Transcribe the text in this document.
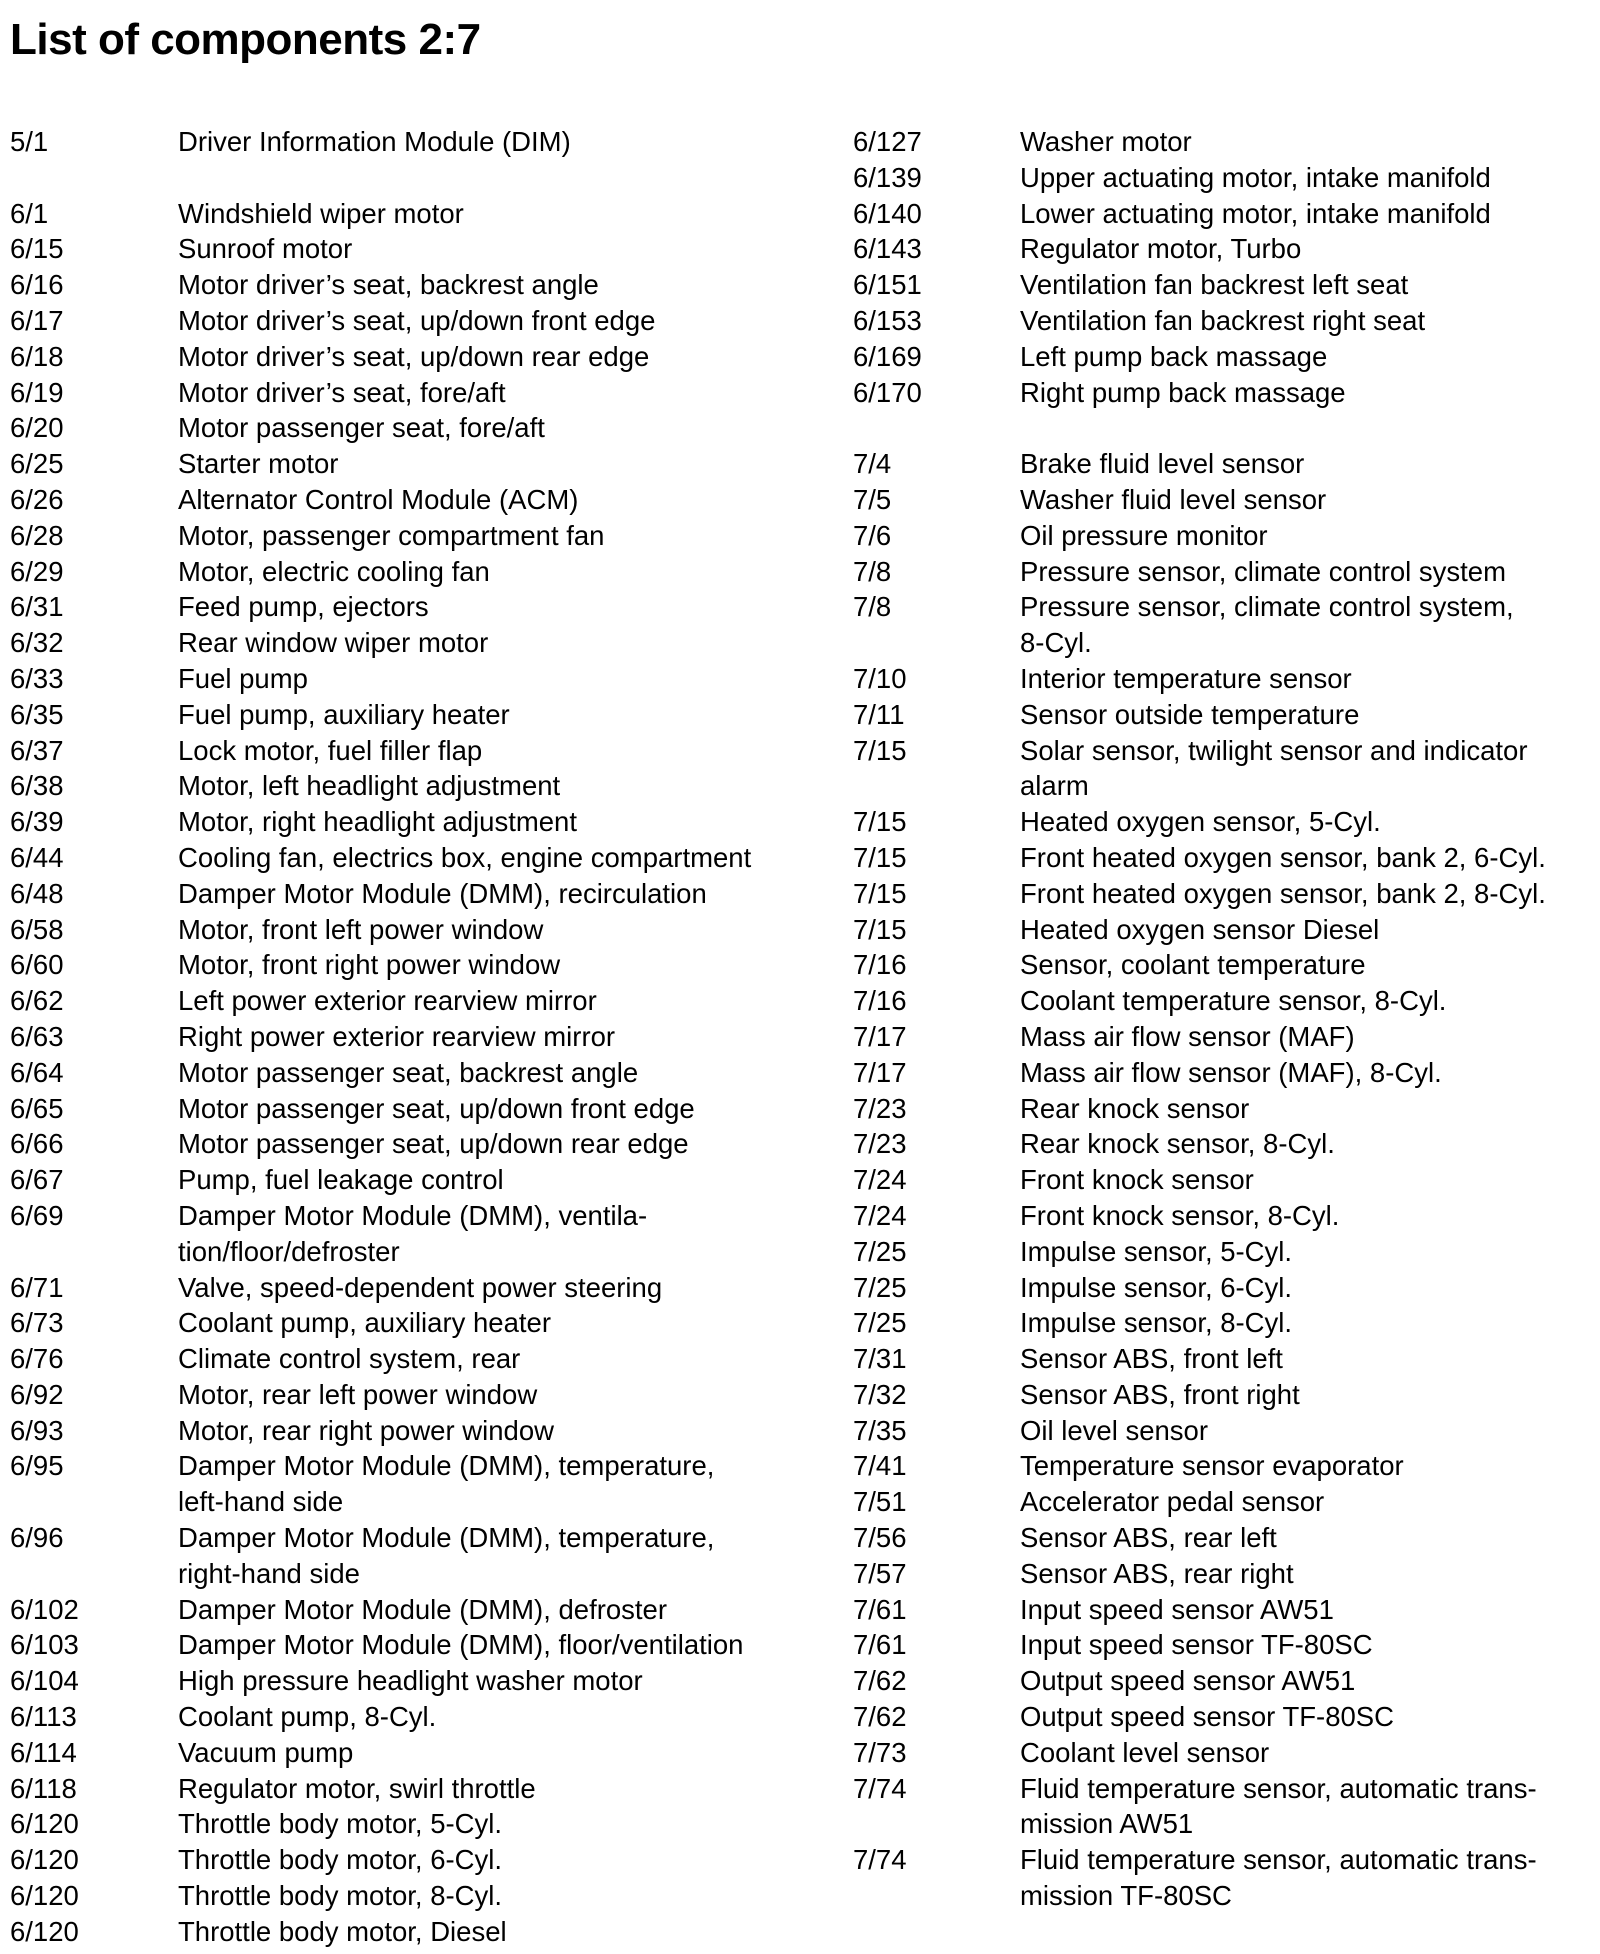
List of components 2:7
5/1	Driver Information Module (DIM)
6/1	Windshield wiper motor
6/15	Sunroof motor
6/16	Motor driver’s seat, backrest angle
6/17	Motor driver’s seat, up/down front edge
6/18	Motor driver’s seat, up/down rear edge
6/19	Motor driver’s seat, fore/aft
6/20	Motor passenger seat, fore/aft
6/25	Starter motor
6/26	Alternator Control Module (ACM)
6/28	Motor, passenger compartment fan
6/29	Motor, electric cooling fan
6/31	Feed pump, ejectors
6/32	Rear window wiper motor
6/33	Fuel pump
6/35	Fuel pump, auxiliary heater
6/37	Lock motor, fuel filler flap
6/38	Motor, left headlight adjustment
6/39	Motor, right headlight adjustment
6/44	Cooling fan, electrics box, engine compartment
6/48	Damper Motor Module (DMM), recirculation
6/58	Motor, front left power window
6/60	Motor, front right power window
6/62	Left power exterior rearview mirror
6/63	Right power exterior rearview mirror
6/64	Motor passenger seat, backrest angle
6/65	Motor passenger seat, up/down front edge
6/66	Motor passenger seat, up/down rear edge
6/67	Pump, fuel leakage control
6/69	Damper Motor Module (DMM), ventila-
tion/floor/defroster
6/71	Valve, speed-dependent power steering
6/73	Coolant pump, auxiliary heater
6/76	Climate control system, rear
6/92	Motor, rear left power window
6/93	Motor, rear right power window
6/95	Damper Motor Module (DMM), temperature,
left-hand side
6/96	Damper Motor Module (DMM), temperature,
right-hand side
6/102	Damper Motor Module (DMM), defroster
6/103	Damper Motor Module (DMM), floor/ventilation
6/104	High pressure headlight washer motor
6/113	Coolant pump, 8-Cyl.
6/114	Vacuum pump
6/118	Regulator motor, swirl throttle
6/120	Throttle body motor, 5-Cyl.
6/120	Throttle body motor, 6-Cyl.
6/120	Throttle body motor, 8-Cyl.
6/120	Throttle body motor, Diesel
6/127	Washer motor
6/139	Upper actuating motor, intake manifold
6/140	Lower actuating motor, intake manifold
6/143	Regulator motor, Turbo
6/151	Ventilation fan backrest left seat
6/153	Ventilation fan backrest right seat
6/169	Left pump back massage
6/170	Right pump back massage
7/4	Brake fluid level sensor
7/5	Washer fluid level sensor
7/6	Oil pressure monitor
7/8	Pressure sensor, climate control system
7/8	Pressure sensor, climate control system,
8-Cyl.
7/10	Interior temperature sensor
7/11	Sensor outside temperature
7/15	Solar sensor, twilight sensor and indicator
alarm
7/15	Heated oxygen sensor, 5-Cyl.
7/15	Front heated oxygen sensor, bank 2, 6-Cyl.
7/15	Front heated oxygen sensor, bank 2, 8-Cyl.
7/15	Heated oxygen sensor Diesel
7/16	Sensor, coolant temperature
7/16	Coolant temperature sensor, 8-Cyl.
7/17	Mass air flow sensor (MAF)
7/17	Mass air flow sensor (MAF), 8-Cyl.
7/23	Rear knock sensor
7/23	Rear knock sensor, 8-Cyl.
7/24	Front knock sensor
7/24	Front knock sensor, 8-Cyl.
7/25	Impulse sensor, 5-Cyl.
7/25	Impulse sensor, 6-Cyl.
7/25	Impulse sensor, 8-Cyl.
7/31	Sensor ABS, front left
7/32	Sensor ABS, front right
7/35	Oil level sensor
7/41	Temperature sensor evaporator
7/51	Accelerator pedal sensor
7/56	Sensor ABS, rear left
7/57	Sensor ABS, rear right
7/61	Input speed sensor AW51
7/61	Input speed sensor TF-80SC
7/62	Output speed sensor AW51
7/62	Output speed sensor TF-80SC
7/73	Coolant level sensor
7/74	Fluid temperature sensor, automatic trans-
mission AW51
7/74	Fluid temperature sensor, automatic trans-
mission TF-80SC
